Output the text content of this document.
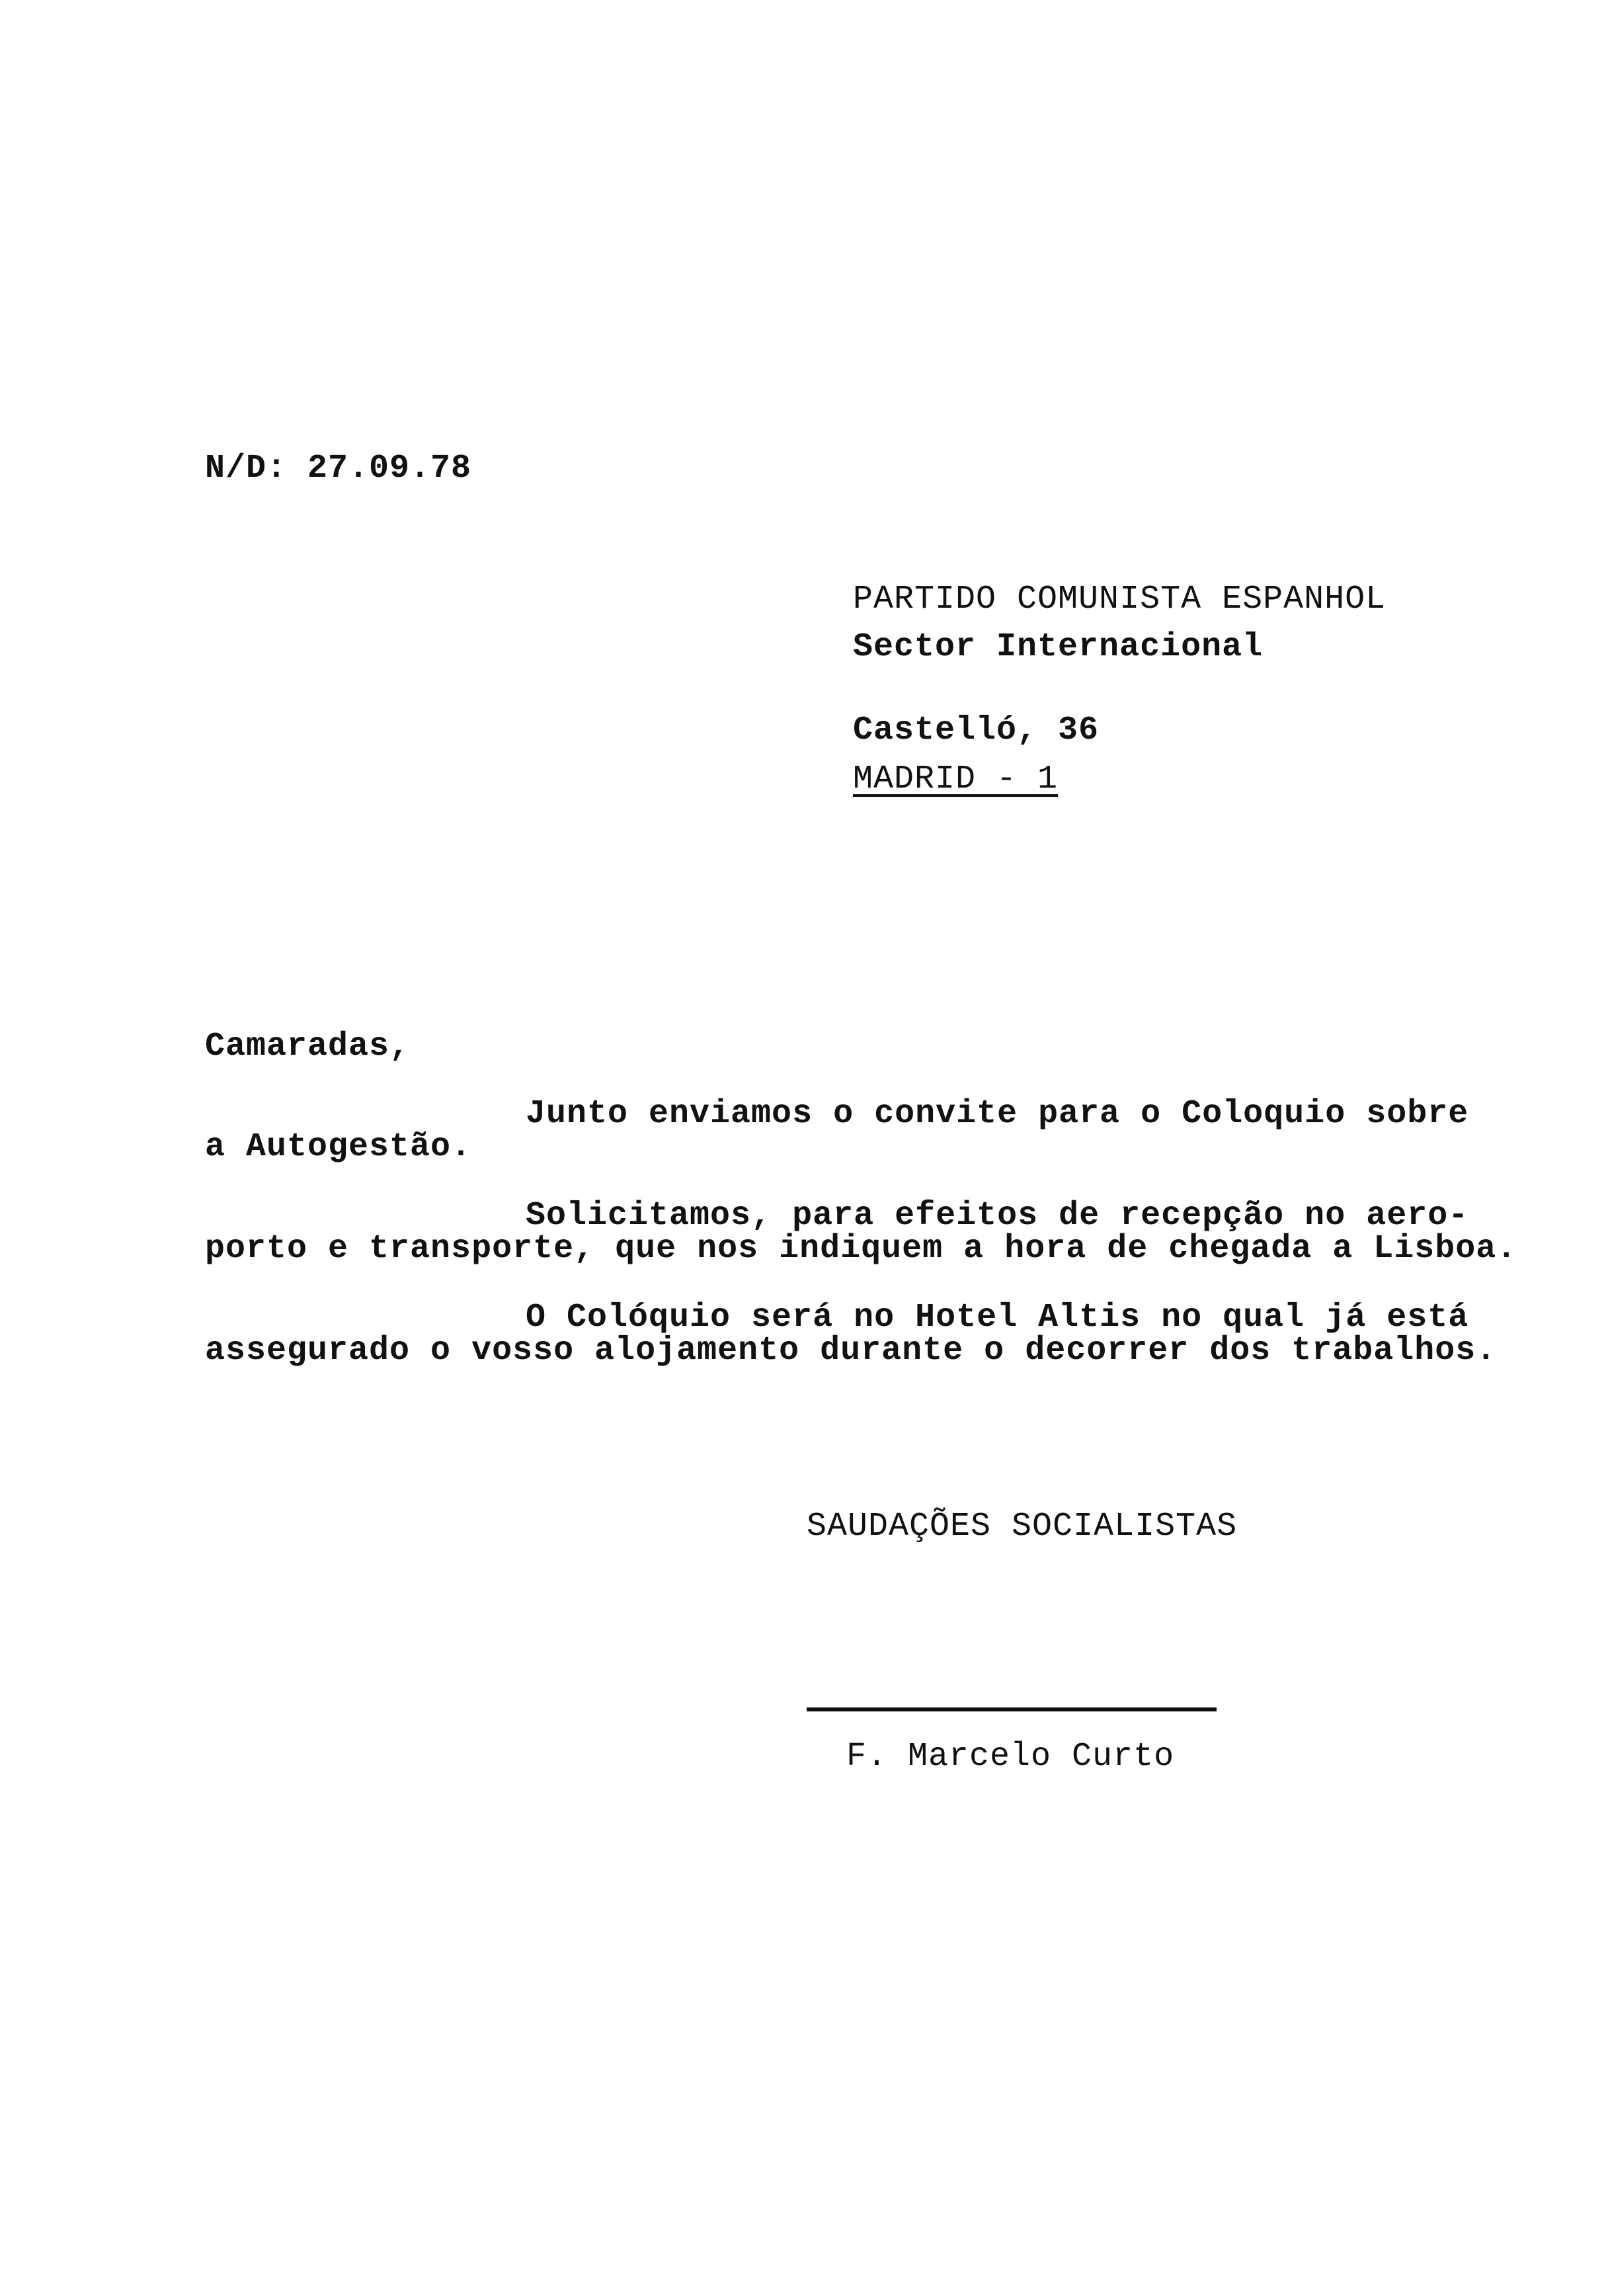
N/D: 27.09.78
PARTIDO COMUNISTA ESPANHOL
Sector Internacional
Castelló, 36
MADRID - 1
Camaradas,
Junto enviamos o convite para o Coloquio sobre
a Autogestão.
Solicitamos, para efeitos de recepção no aero-
porto e transporte, que nos indiquem a hora de chegada a Lisboa.
O Colóquio será no Hotel Altis no qual já está
assegurado o vosso alojamento durante o decorrer dos trabalhos.
SAUDAÇÕES SOCIALISTAS
F. Marcelo Curto
